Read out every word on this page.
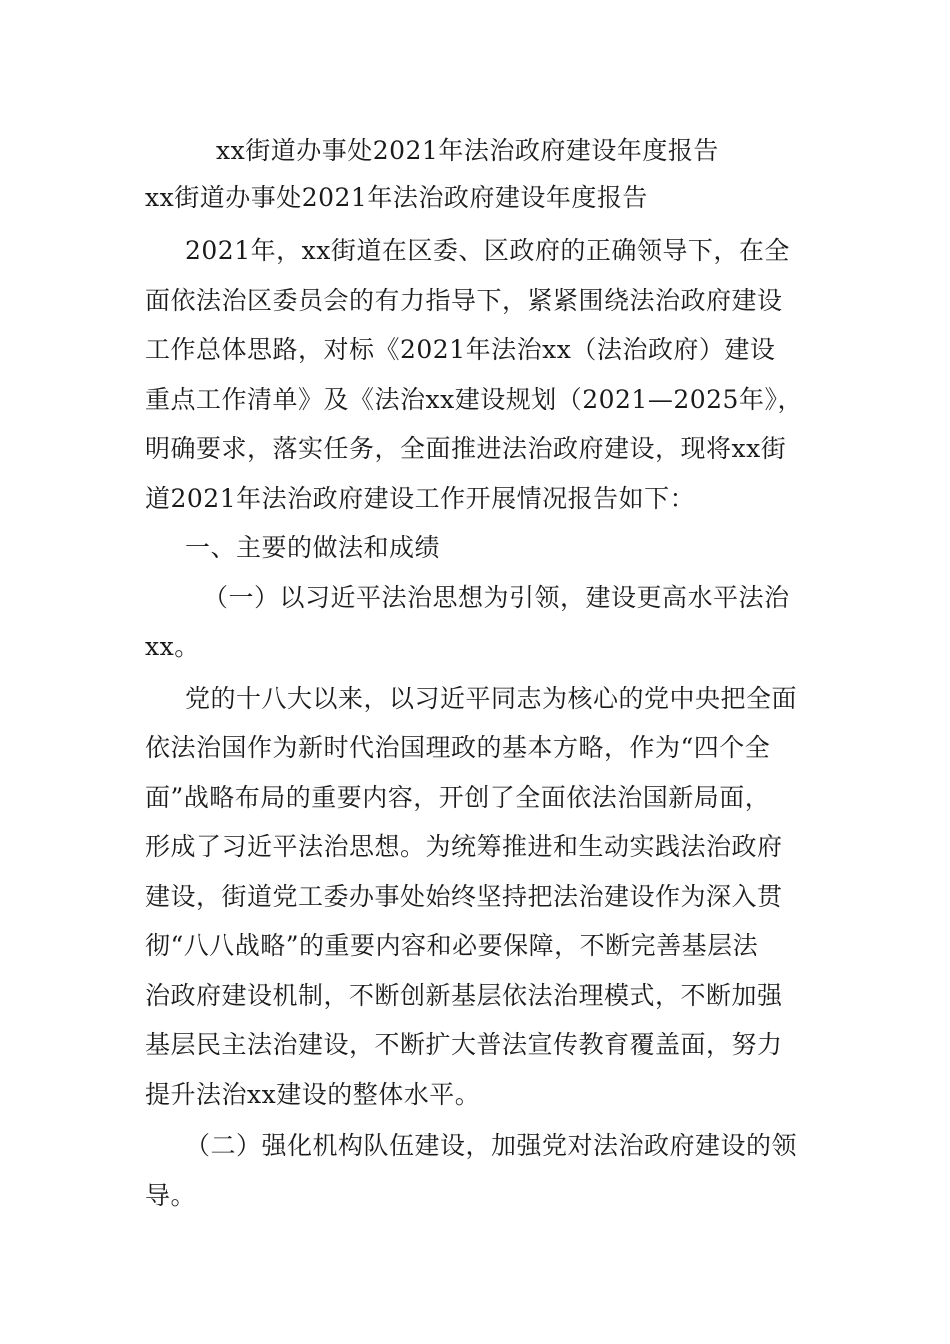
xx街道办事处2021年法治政府建设年度报告
xx街道办事处2021年法治政府建设年度报告
2021年，xx街道在区委、区政府的正确领导下，在全
面依法治区委员会的有力指导下，紧紧围绕法治政府建设
工作总体思路，对标《2021年法治xx（法治政府）建设
重点工作清单》及《法治xx建设规划（2021—2025年》，
明确要求，落实任务，全面推进法治政府建设，现将xx街
道2021年法治政府建设工作开展情况报告如下：
一、主要的做法和成绩
（一）以习近平法治思想为引领，建设更高水平法治
xx。
党的十八大以来，以习近平同志为核心的党中央把全面
依法治国作为新时代治国理政的基本方略，作为“四个全
面”战略布局的重要内容，开创了全面依法治国新局面，
形成了习近平法治思想。为统筹推进和生动实践法治政府
建设，街道党工委办事处始终坚持把法治建设作为深入贯
彻“八八战略”的重要内容和必要保障，不断完善基层法
治政府建设机制，不断创新基层依法治理模式，不断加强
基层民主法治建设，不断扩大普法宣传教育覆盖面，努力
提升法治xx建设的整体水平。
（二）强化机构队伍建设，加强党对法治政府建设的领
导。
